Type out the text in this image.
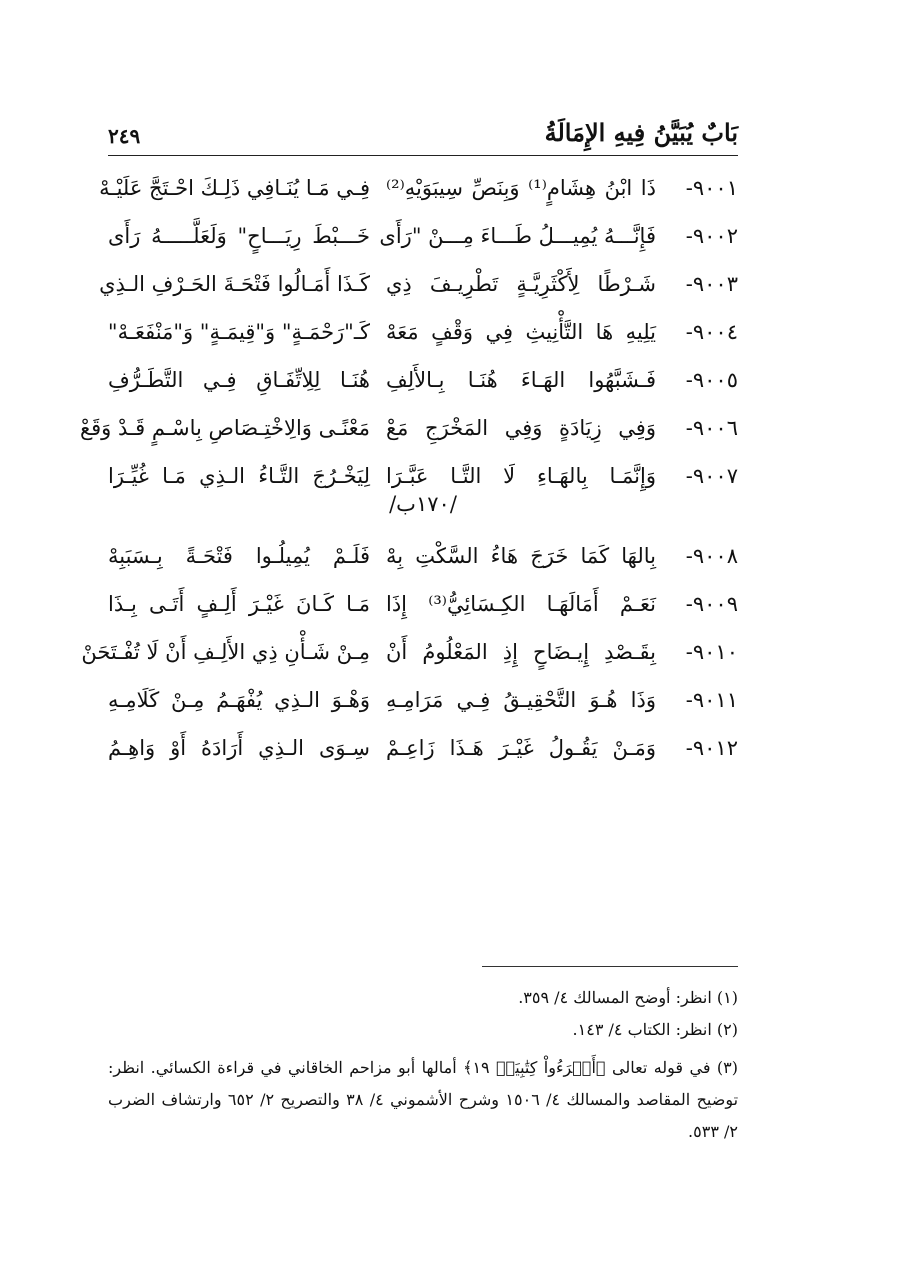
بَابٌ يُبَيَّنُ فِيهِ الإِمَالَةُ
٢٤٩
٩٠٠١-
ذَا ابْنُ هِشَامٍ⁽¹⁾ وَبِنَصِّ سِيبَوَيْهِ⁽²⁾
فِـي مَـا يُنَـافِي ذَلِـكَ احْـتَجَّ عَلَيْـهْ
٩٠٠٢-
فَإِنَّـــهُ يُمِيـــلُ طَـــاءَ مِـــنْ "رَأَى
خَـــبْطَ رِيَـــاحٍ" وَلَعَلَّـــــهُ رَأَى
٩٠٠٣-
شَـرْطًا لِأَكْثَرِيَّـةٍ تَطْرِيـفَ ذِي
كَـذَا أَمَـالُوا فَتْحَـةَ الحَـرْفِ الـذِي
٩٠٠٤-
يَلِيهِ هَا التَّأْنِيثِ فِي وَقْفٍ مَعَهْ
كَـ"رَحْمَـةٍ" وَ"قِيمَـةٍ" وَ"مَنْفَعَـهْ"
٩٠٠٥-
فَـشَبَّهُوا الهَـاءَ هُنَـا بِـالأَلِفِ
هُنَـا لِلِاتِّفَـاقِ فِـي التَّطَـرُّفِ
٩٠٠٦-
وَفِي زِيَادَةٍ وَفِي المَخْرَجِ مَعْ
مَعْنًـى وَالِاخْتِـصَاصِ بِاسْـمٍ قَـدْ وَقَعْ
٩٠٠٧-
وَإِنَّمَـا بِالهَـاءِ لَا التَّـا عَبَّـرَا
لِيَخْـرُجَ التَّـاءُ الـذِي مَـا غُيِّـرَا
/١٧٠ب/
٩٠٠٨-
بِالهَا كَمَا خَرَجَ هَاءُ السَّكْتِ بِهْ
فَلَـمْ يُمِيلُـوا فَتْحَـةً بِـسَبَبِهْ
٩٠٠٩-
نَعَـمْ أَمَالَهَـا الكِـسَائِيُّ⁽³⁾ إِذَا
مَـا كَـانَ غَيْـرَ أَلِـفٍ أَتَـى بِـذَا
٩٠١٠-
بِقَـصْدِ إِيـضَاحٍ إِذِ المَعْلُومُ أَنْ
مِـنْ شَـأْنِ ذِي الأَلِـفِ أَنْ لَا تُفْـتَحَنْ
٩٠١١-
وَذَا هُـوَ التَّحْقِيـقُ فِـي مَرَامِـهِ
وَهْـوَ الـذِي يُفْهَـمُ مِـنْ كَلَامِـهِ
٩٠١٢-
وَمَـنْ يَقُـولُ غَيْـرَ هَـذَا زَاعِـمْ
سِـوَى الـذِي أَرَادَهُ أَوْ وَاهِـمُ
(١) انظر: أوضح المسالك ٤/ ٣٥٩.
(٢) انظر: الكتاب ٤/ ١٤٣.
(٣) في قوله تعالى ﴿أَقۡرَءُواْ كِتَٰبِيَهۡ ١٩﴾ أمالها أبو مزاحم الخاقاني في قراءة الكسائي. انظر: توضيح المقاصد والمسالك ٤/ ١٥٠٦ وشرح الأشموني ٤/ ٣٨ والتصريح ٢/ ٦٥٢ وارتشاف الضرب ٢/ ٥٣٣.
